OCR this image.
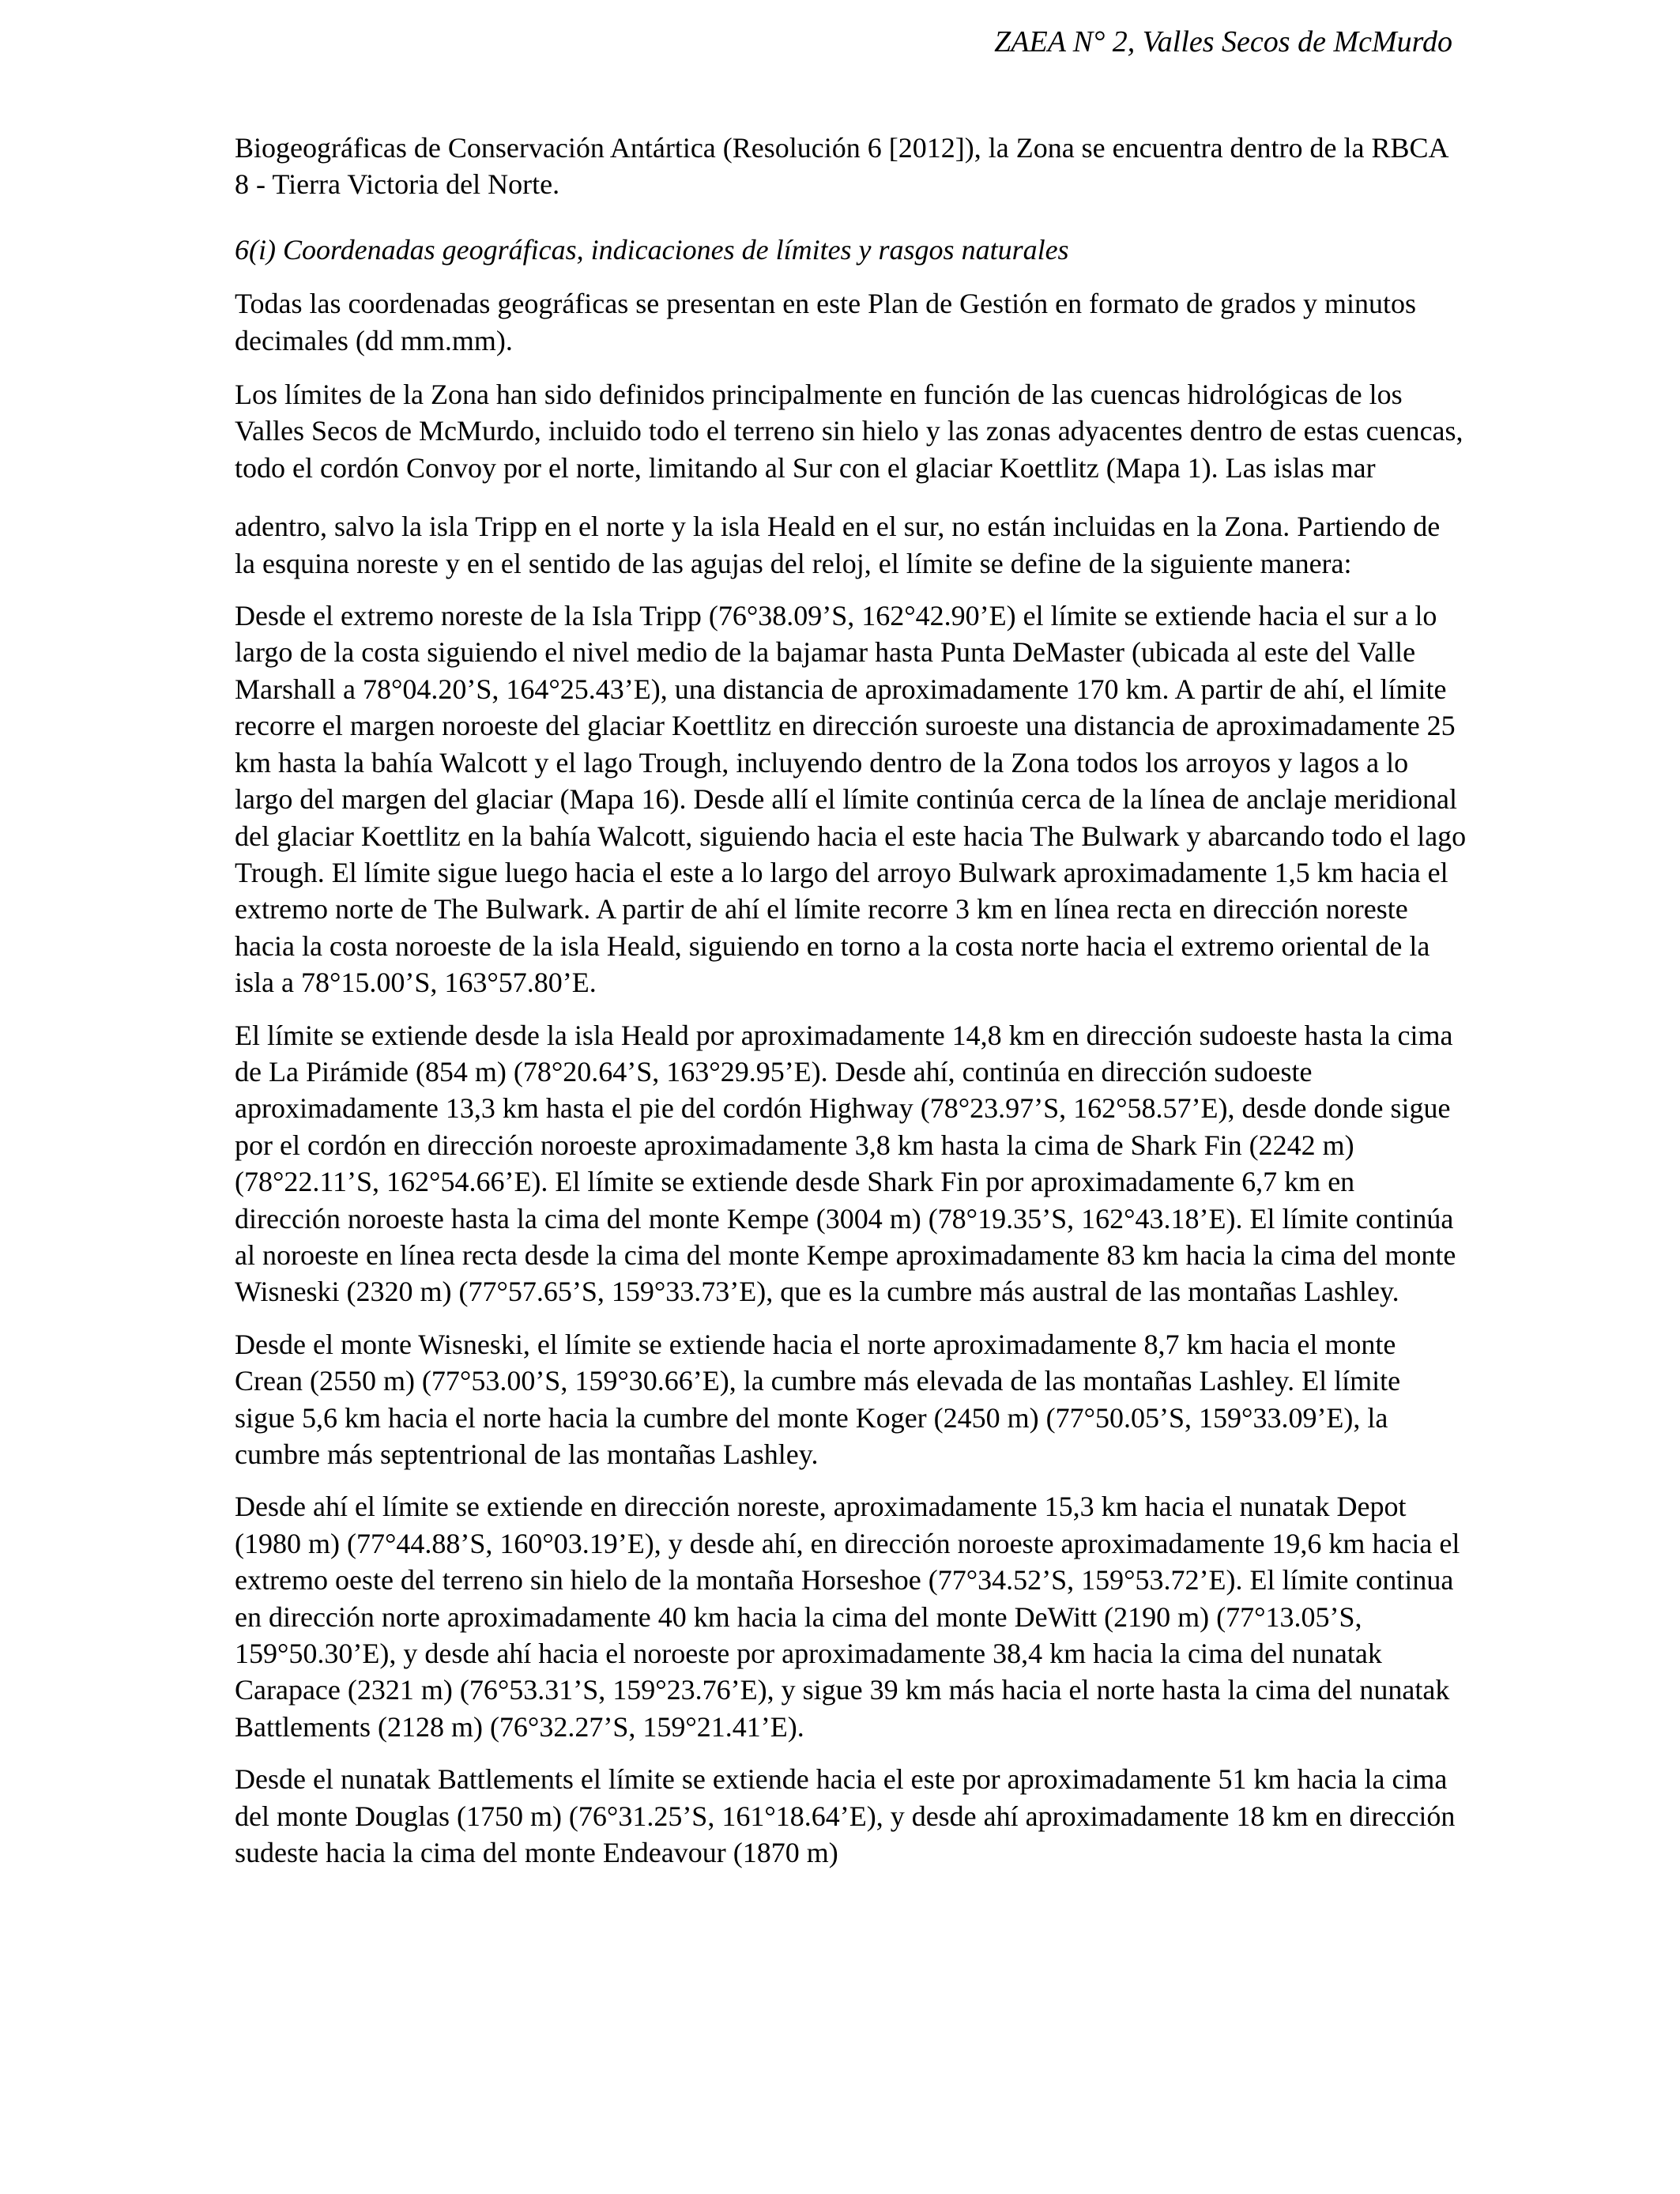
ZAEA N° 2, Valles Secos de McMurdo

Biogeográficas de Conservación Antártica (Resolución 6 [2012]), la Zona se encuentra dentro de la RBCA 8 - Tierra Victoria del Norte.

6(i) Coordenadas geográficas, indicaciones de límites y rasgos naturales

Todas las coordenadas geográficas se presentan en este Plan de Gestión en formato de grados y minutos decimales (dd mm.mm).

Los límites de la Zona han sido definidos principalmente en función de las cuencas hidrológicas de los Valles Secos de McMurdo, incluido todo el terreno sin hielo y las zonas adyacentes dentro de estas cuencas, todo el cordón Convoy por el norte, limitando al Sur con el glaciar Koettlitz (Mapa 1). Las islas mar

adentro, salvo la isla Tripp en el norte y la isla Heald en el sur, no están incluidas en la Zona. Partiendo de la esquina noreste y en el sentido de las agujas del reloj, el límite se define de la siguiente manera:

Desde el extremo noreste de la Isla Tripp (76°38.09’S, 162°42.90’E) el límite se extiende hacia el sur a lo largo de la costa siguiendo el nivel medio de la bajamar hasta Punta DeMaster (ubicada al este del Valle Marshall a 78°04.20’S, 164°25.43’E), una distancia de aproximadamente 170 km. A partir de ahí, el límite recorre el margen noroeste del glaciar Koettlitz en dirección suroeste una distancia de aproximadamente 25 km hasta la bahía Walcott y el lago Trough, incluyendo dentro de la Zona todos los arroyos y lagos a lo largo del margen del glaciar (Mapa 16). Desde allí el límite continúa cerca de la línea de anclaje meridional del glaciar Koettlitz en la bahía Walcott, siguiendo hacia el este hacia The Bulwark y abarcando todo el lago Trough. El límite sigue luego hacia el este a lo largo del arroyo Bulwark aproximadamente 1,5 km hacia el extremo norte de The Bulwark. A partir de ahí el límite recorre 3 km en línea recta en dirección noreste hacia la costa noroeste de la isla Heald, siguiendo en torno a la costa norte hacia el extremo oriental de la isla a 78°15.00’S, 163°57.80’E.

El límite se extiende desde la isla Heald por aproximadamente 14,8 km en dirección sudoeste hasta la cima de La Pirámide (854 m) (78°20.64’S, 163°29.95’E). Desde ahí, continúa en dirección sudoeste aproximadamente 13,3 km hasta el pie del cordón Highway (78°23.97’S, 162°58.57’E), desde donde sigue por el cordón en dirección noroeste aproximadamente 3,8 km hasta la cima de Shark Fin (2242 m) (78°22.11’S, 162°54.66’E). El límite se extiende desde Shark Fin por aproximadamente 6,7 km en dirección noroeste hasta la cima del monte Kempe (3004 m) (78°19.35’S, 162°43.18’E). El límite continúa al noroeste en línea recta desde la cima del monte Kempe aproximadamente 83 km hacia la cima del monte Wisneski (2320 m) (77°57.65’S, 159°33.73’E), que es la cumbre más austral de las montañas Lashley.

Desde el monte Wisneski, el límite se extiende hacia el norte aproximadamente 8,7 km hacia el monte Crean (2550 m) (77°53.00’S, 159°30.66’E), la cumbre más elevada de las montañas Lashley. El límite sigue 5,6 km hacia el norte hacia la cumbre del monte Koger (2450 m) (77°50.05’S, 159°33.09’E), la cumbre más septentrional de las montañas Lashley.

Desde ahí el límite se extiende en dirección noreste, aproximadamente 15,3 km hacia el nunatak Depot (1980 m) (77°44.88’S, 160°03.19’E), y desde ahí, en dirección noroeste aproximadamente 19,6 km hacia el extremo oeste del terreno sin hielo de la montaña Horseshoe (77°34.52’S, 159°53.72’E). El límite continua en dirección norte aproximadamente 40 km hacia la cima del monte DeWitt (2190 m) (77°13.05’S, 159°50.30’E), y desde ahí hacia el noroeste por aproximadamente 38,4 km hacia la cima del nunatak Carapace (2321 m) (76°53.31’S, 159°23.76’E), y sigue 39 km más hacia el norte hasta la cima del nunatak Battlements (2128 m) (76°32.27’S, 159°21.41’E).

Desde el nunatak Battlements el límite se extiende hacia el este por aproximadamente 51 km hacia la cima del monte Douglas (1750 m) (76°31.25’S, 161°18.64’E), y desde ahí aproximadamente 18 km en dirección sudeste hacia la cima del monte Endeavour (1870 m)
